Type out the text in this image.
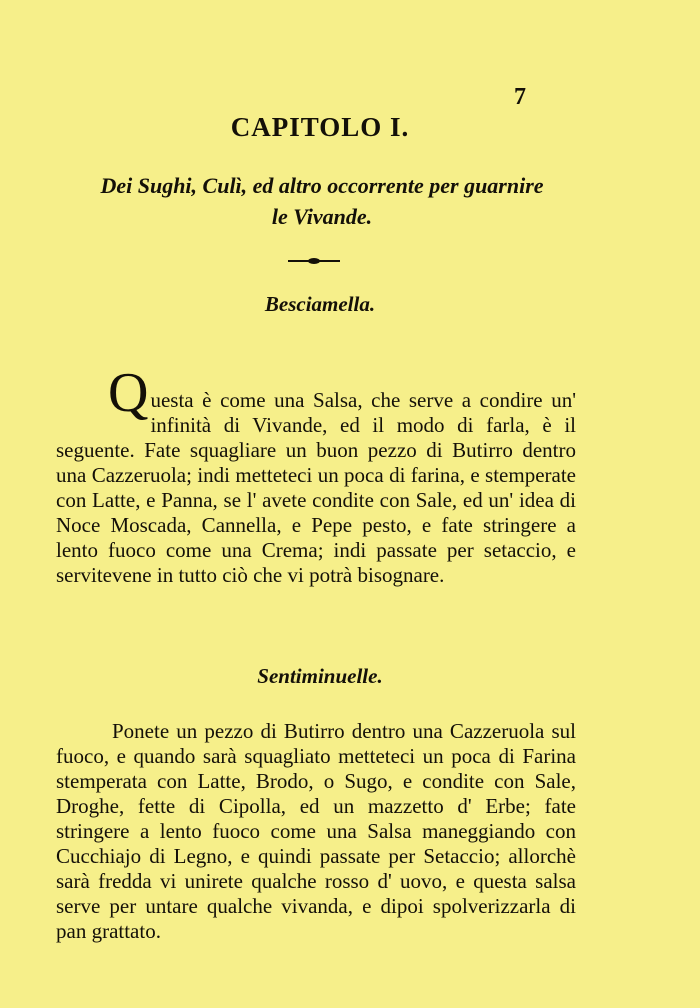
7
CAPITOLO I.
Dei Sughi, Culì, ed altro occorrente per guarnire
le Vivande.
Besciamella.
Questa è come una Salsa, che serve a condire un' infinità di Vivande, ed il modo di farla, è il seguente. Fate squagliare un buon pezzo di Butirro dentro una Cazzeruola; indi metteteci un poca di farina, e stemperate con Latte, e Panna, se l' avete condite con Sale, ed un' idea di Noce Moscada, Cannella, e Pepe pesto, e fate stringere a lento fuoco come una Crema; indi passate per setaccio, e servitevene in tutto ciò che vi potrà bisognare.
Sentiminuelle.
Ponete un pezzo di Butirro dentro una Cazzeruola sul fuoco, e quando sarà squagliato metteteci un poca di Farina stemperata con Latte, Brodo, o Sugo, e condite con Sale, Droghe, fette di Cipolla, ed un mazzetto d' Erbe; fate stringere a lento fuoco come una Salsa maneggiando con Cucchiajo di Legno, e quindi passate per Setaccio; allorchè sarà fredda vi unirete qualche rosso d' uovo, e questa salsa serve per untare qualche vivanda, e dipoi spolverizzarla di pan grattato.
